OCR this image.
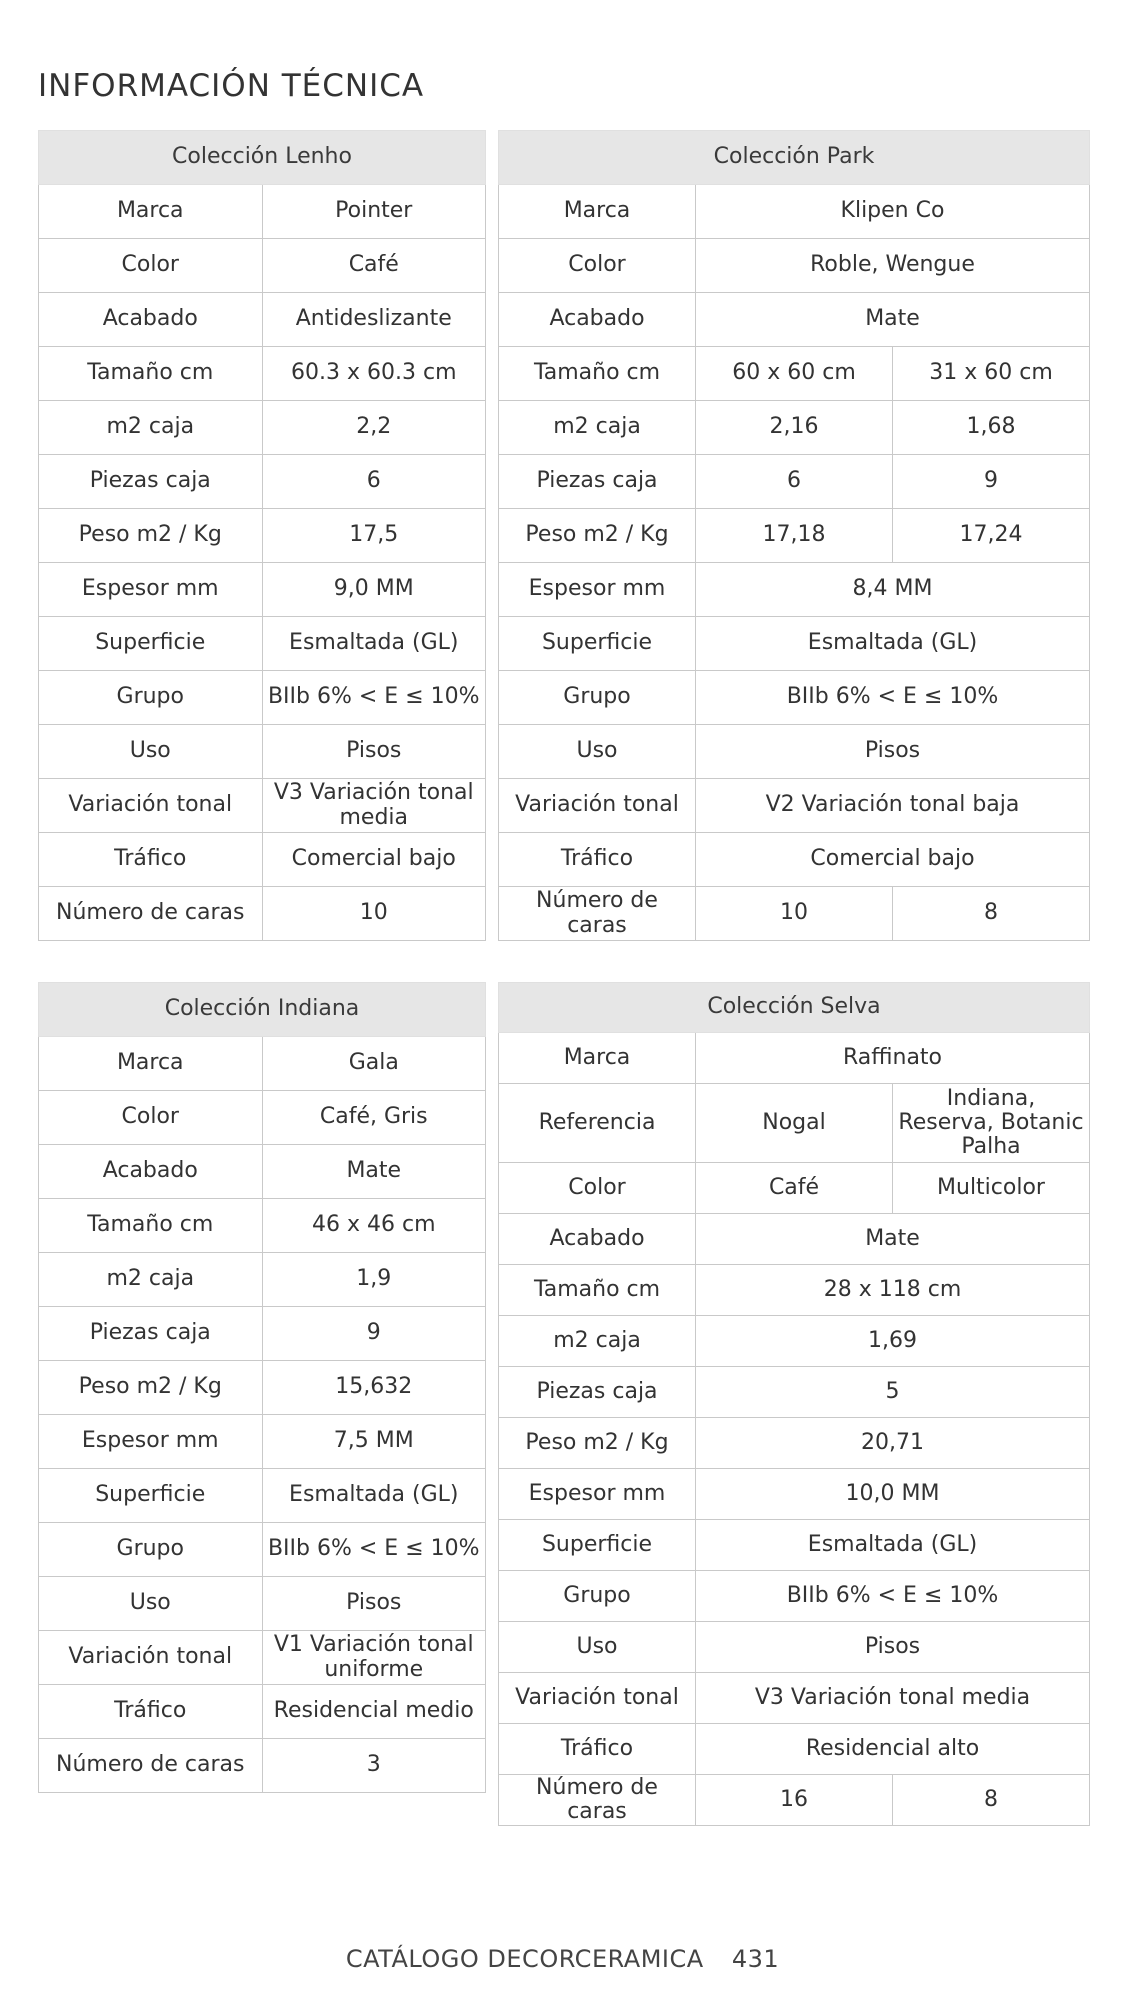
INFORMACIÓN TÉCNICA
Colección Lenho	
Marca	Pointer
Color	Café
Acabado	Antideslizante
Tamaño cm	60.3 x 60.3 cm
m2 caja	2,2
Piezas caja	6
Peso m2 / Kg	17,5
Espesor mm	9,0 MM
Superficie	Esmaltada (GL)
Grupo	BIIb 6% < E ≤ 10%
Uso	Pisos
Variación tonal	V3 Variación tonal media
Tráfico	Comercial bajo
Número de caras	10
Colección Park		
Marca	Klipen Co	
Color	Roble, Wengue	
Acabado	Mate	
Tamaño cm	60 x 60 cm	31 x 60 cm
m2 caja	2,16	1,68
Piezas caja	6	9
Peso m2 / Kg	17,18	17,24
Espesor mm	8,4 MM	
Superficie	Esmaltada (GL)	
Grupo	BIIb 6% < E ≤ 10%	
Uso	Pisos	
Variación tonal	V2 Variación tonal baja	
Tráfico	Comercial bajo	
Número de caras	10	8
Colección Indiana	
Marca	Gala
Color	Café, Gris
Acabado	Mate
Tamaño cm	46 x 46 cm
m2 caja	1,9
Piezas caja	9
Peso m2 / Kg	15,632
Espesor mm	7,5 MM
Superficie	Esmaltada (GL)
Grupo	BIIb 6% < E ≤ 10%
Uso	Pisos
Variación tonal	V1 Variación tonal uniforme
Tráfico	Residencial medio
Número de caras	3
Colección Selva		
Marca	Raffinato	
Referencia	Nogal	Indiana, Reserva, Botanic Palha
Color	Café	Multicolor
Acabado	Mate	
Tamaño cm	28 x 118 cm	
m2 caja	1,69	
Piezas caja	5	
Peso m2 / Kg	20,71	
Espesor mm	10,0 MM	
Superficie	Esmaltada (GL)	
Grupo	BIIb 6% < E ≤ 10%	
Uso	Pisos	
Variación tonal	V3 Variación tonal media	
Tráfico	Residencial alto	
Número de caras	16	8
CATÁLOGO DECORCERAMICA 431
